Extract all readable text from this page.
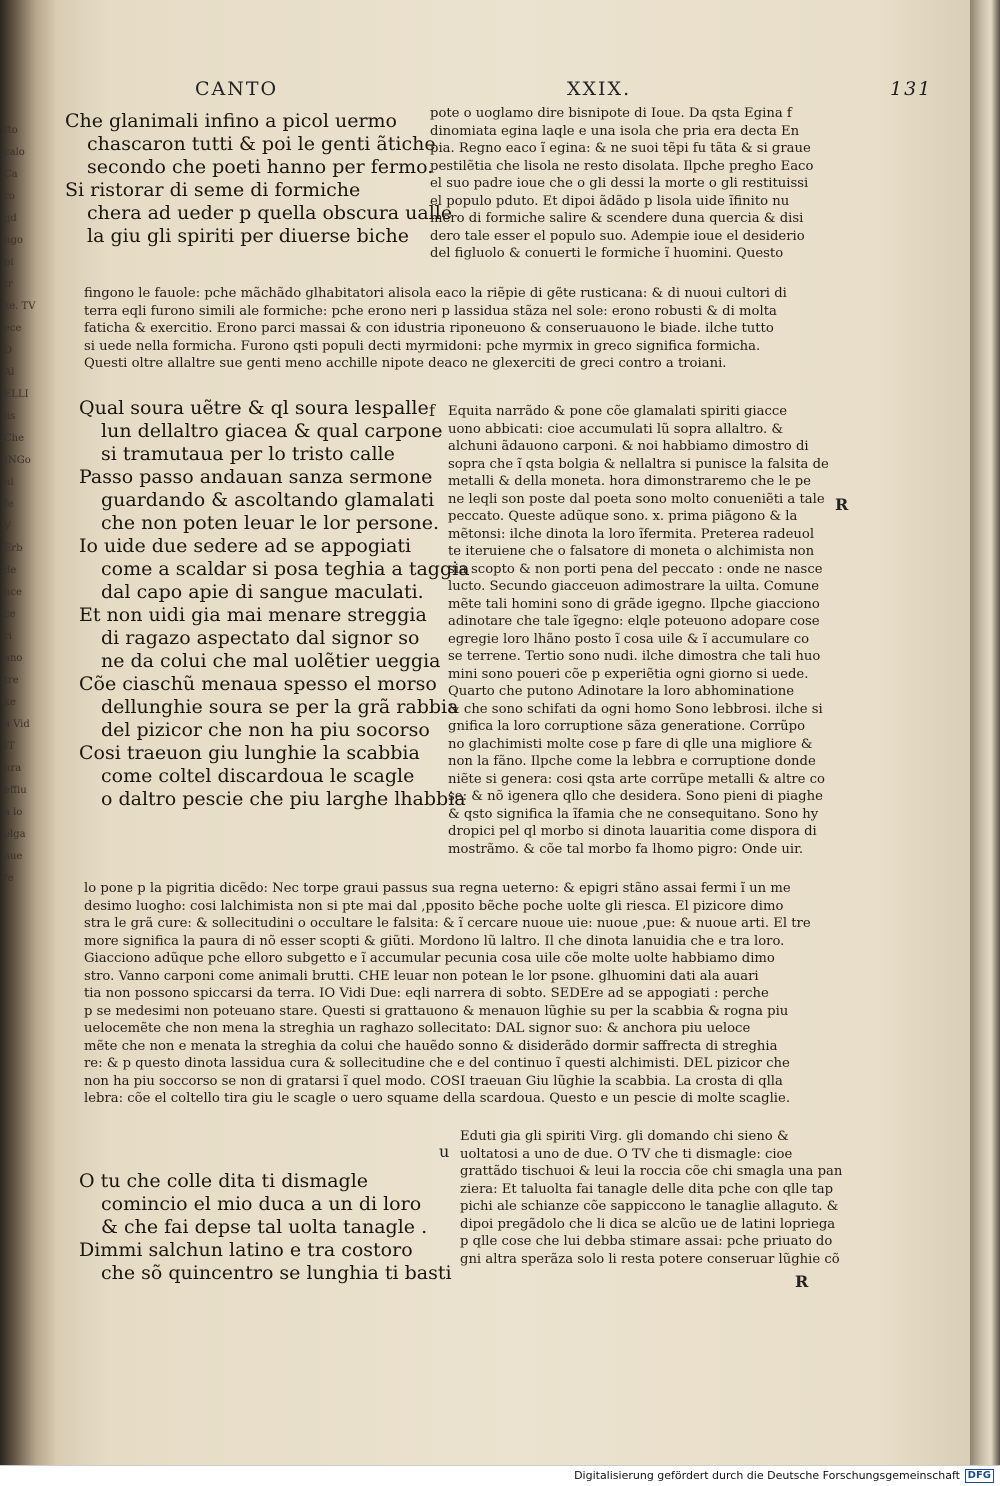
fto
calo
Ca
ro
gd
ngo
pi
tr
ze. TV
ece
D
Al
ELLI
lis
Che
INGo
ni
fe
V
Erb
de
nce
ce
ri
ano
tre
ke
a Vid
IT
ura
effiu
a lo
olga
aue
fe
CANTO	XXIX.	131
Che glanimali infino a picol uermo
chascaron tutti & poi le genti ãtiche
secondo che poeti hanno per fermo.
Si ristorar di seme di formiche
chera ad ueder p quella obscura ualle
la giu gli spiriti per diuerse biche
pote o uoglamo dire bisnipote di Ioue. Da qsta Egina f
dinomiata egina laqle e una isola che pria era decta En
pia. Regno eaco ĩ egina: & ne suoi tẽpi fu tãta & si graue
pestilẽtia che lisola ne resto disolata. Ilpche pregho Eaco
el suo padre ioue che o gli dessi la morte o gli restituissi
el populo pduto. Et dipoi ãdãdo p lisola uide ĩfinito nu
mero di formiche salire & scendere duna quercia & disi
dero tale esser el populo suo. Adempie ioue el desiderio
del figluolo & conuerti le formiche ĩ huomini. Questo
fingono le fauole: pche mãchãdo glhabitatori alisola eaco la riẽpie di gẽte rusticana: & di nuoui cultori di
terra eqli furono simili ale formiche: pche erono neri p lassidua stãza nel sole: erono robusti & di molta
faticha & exercitio. Erono parci massai & con idustria riponeuono & conseruauono le biade. ilche tutto
si uede nella formicha. Furono qsti populi decti myrmidoni: pche myrmix in greco significa formicha.
Questi oltre allaltre sue genti meno acchille nipote deaco ne glexerciti de greci contro a troiani.
f
Qual soura uẽtre & ql soura lespalle
lun dellaltro giacea & qual carpone
si tramutaua per lo tristo calle
Passo passo andauan sanza sermone
guardando & ascoltando glamalati
che non poten leuar le lor persone.
Io uide due sedere ad se appogiati
come a scaldar si posa teghia a taggia
dal capo apie di sangue maculati.
Et non uidi gia mai menare streggia
di ragazo aspectato dal signor so
ne da colui che mal uolẽtier ueggia
Cõe ciaschũ menaua spesso el morso
dellunghie soura se per la grã rabbia
del pizicor che non ha piu socorso
Cosi traeuon giu lunghie la scabbia
come coltel discardoua le scagle
o daltro pescie che piu larghe lhabbia
Equita narrãdo & pone cõe glamalati spiriti giacce
uono abbicati: cioe accumulati lũ sopra allaltro. &
alchuni ãdauono carponi. & noi habbiamo dimostro di
sopra che ĩ qsta bolgia & nellaltra si punisce la falsita de
metalli & della moneta. hora dimonstraremo che le pe
ne leqli son poste dal poeta sono molto conueniẽti a tale
peccato. Queste adũque sono. x. prima piãgono & la
mẽtonsi: ilche dinota la loro ĩfermita. Preterea radeuol
te iteruiene che o falsatore di moneta o alchimista non
sia scopto & non porti pena del peccato : onde ne nasce
lucto. Secundo giacceuon adimostrare la uilta. Comune
mẽte tali homini sono di grãde igegno. Ilpche giacciono
adinotare che tale ĩgegno: elqle poteuono adopare cose
egregie loro lhãno posto ĩ cosa uile & ĩ accumulare co
se terrene. Tertio sono nudi. ilche dimostra che tali huo
mini sono poueri cõe p experiẽtia ogni giorno si uede.
Quarto che putono Adinotare la loro abhominatione
& che sono schifati da ogni homo Sono lebbrosi. ilche si
gnifica la loro corruptione sãza generatione. Corrũpo
no glachimisti molte cose p fare di qlle una migliore &
non la fãno. Ilpche come la lebbra e corruptione donde
niẽte si genera: cosi qsta arte corrũpe metalli & altre co
se: & nõ igenera qllo che desidera. Sono pieni di piaghe
& qsto significa la ĩfamia che ne consequitano. Sono hy
dropici pel ql morbo si dinota lauaritia come dispora di
mostrãmo. & cõe tal morbo fa lhomo pigro: Onde uir.
R
lo pone p la pigritia dicẽdo: Nec torpe graui passus sua regna ueterno: & epigri stãno assai fermi ĩ un me
desimo luogho: cosi lalchimista non si pte mai dal ,pposito bẽche poche uolte gli riesca. El pizicore dimo
stra le grã cure: & sollecitudini o occultare le falsita: & ĩ cercare nuoue uie: nuoue ,pue: & nuoue arti. El tre
more significa la paura di nõ esser scopti & giũti. Mordono lũ laltro. Il che dinota lanuidia che e tra loro.
Giacciono adũque pche elloro subgetto e ĩ accumular pecunia cosa uile cõe molte uolte habbiamo dimo
stro. Vanno carponi come animali brutti. CHE leuar non potean le lor psone. glhuomini dati ala auari
tia non possono spiccarsi da terra. IO Vidi Due: eqli narrera di sobto. SEDEre ad se appogiati : perche
p se medesimi non poteuano stare. Questi si grattauono & menauon lũghie su per la scabbia & rogna piu
uelocemẽte che non mena la streghia un raghazo sollecitato: DAL signor suo: & anchora piu ueloce
mẽte che non e menata la streghia da colui che hauẽdo sonno & disiderãdo dormir saffrecta di streghia
re: & p questo dinota lassidua cura & sollecitudine che e del continuo ĩ questi alchimisti. DEL pizicor che
non ha piu soccorso se non di gratarsi ĩ quel modo. COSI traeuan Giu lũghie la scabbia. La crosta di qlla
lebra: cõe el coltello tira giu le scagle o uero squame della scardoua. Questo e un pescie di molte scaglie.
u
O tu che colle dita ti dismagle
comincio el mio duca a un di loro
& che fai depse tal uolta tanagle .
Dimmi salchun latino e tra costoro
che sõ quincentro se lunghia ti basti
Eduti gia gli spiriti Virg. gli domando chi sieno &
uoltatosi a uno de due. O TV che ti dismagle: cioe
grattãdo tischuoi & leui la roccia cõe chi smagla una pan
ziera: Et taluolta fai tanagle delle dita pche con qlle tap
pichi ale schianze cõe sappiccono le tanaglie allaguto. &
dipoi pregãdolo che li dica se alcũo ue de latini lopriega
p qlle cose che lui debba stimare assai: pche priuato do
gni altra sperãza solo li resta potere conseruar lũghie cõ
R
Digitalisierung gefördert durch die Deutsche Forschungsgemeinschaft DFG
